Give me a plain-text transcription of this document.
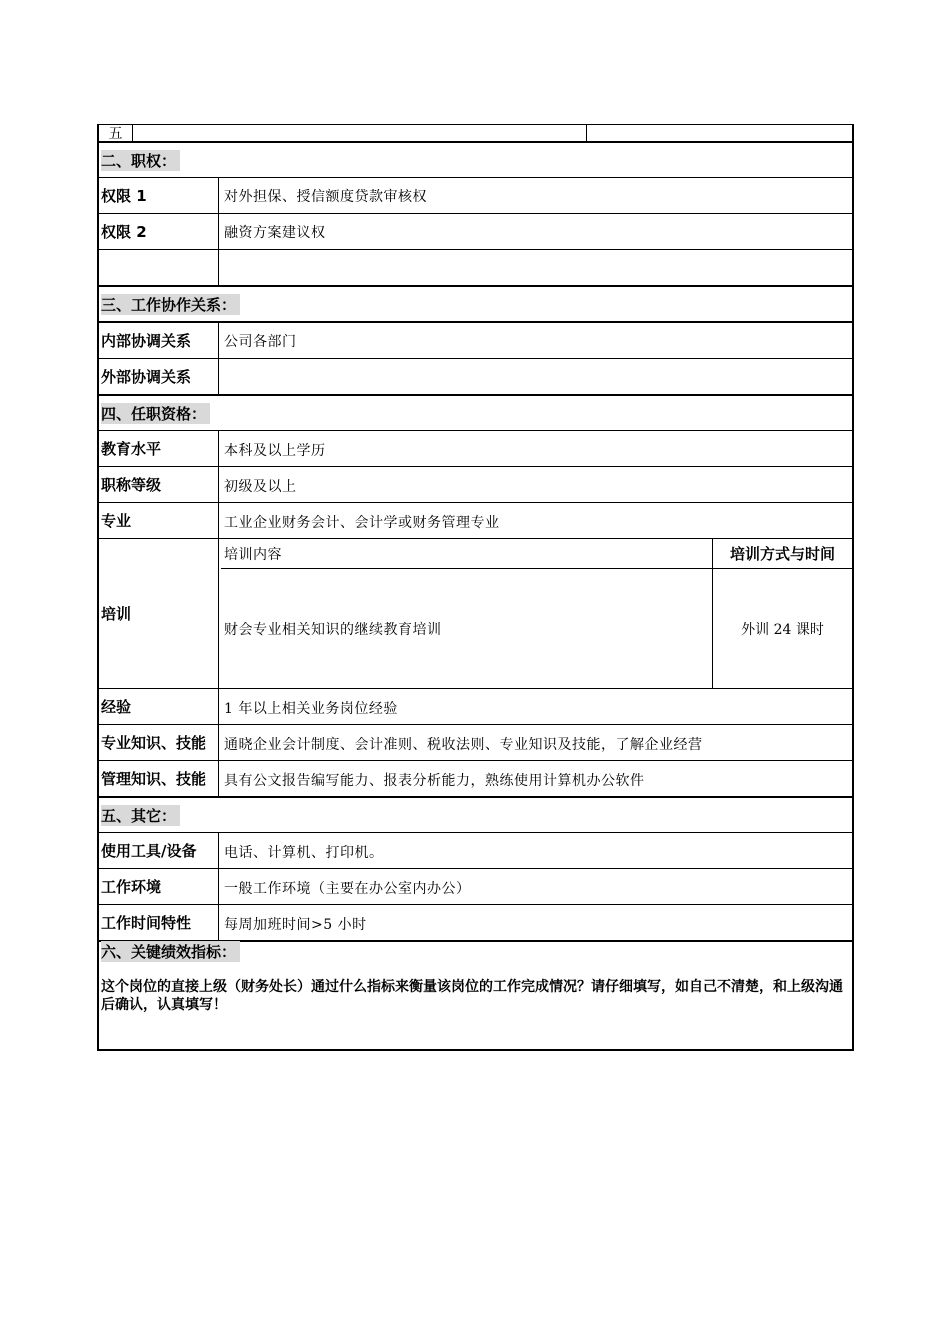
五
二、职权：
权限 1	对外担保、授信额度贷款审核权
权限 2	融资方案建议权
三、工作协作关系：
内部协调关系	公司各部门
外部协调关系
四、任职资格：
教育水平	本科及以上学历
职称等级	初级及以上
专业	工业企业财务会计、会计学或财务管理专业
培训
培训内容	培训方式与时间
财会专业相关知识的继续教育培训	外训 24 课时
经验	1 年以上相关业务岗位经验
专业知识、技能	通晓企业会计制度、会计准则、税收法则、专业知识及技能，了解企业经营
管理知识、技能	具有公文报告编写能力、报表分析能力，熟练使用计算机办公软件
五、其它：
使用工具/设备	电话、计算机、打印机。
工作环境	一般工作环境（主要在办公室内办公）
工作时间特性	每周加班时间>5 小时
六、关键绩效指标：
这个岗位的直接上级（财务处长）通过什么指标来衡量该岗位的工作完成情况？请仔细填写，如自己不清楚，和上级沟通后确认，认真填写！
